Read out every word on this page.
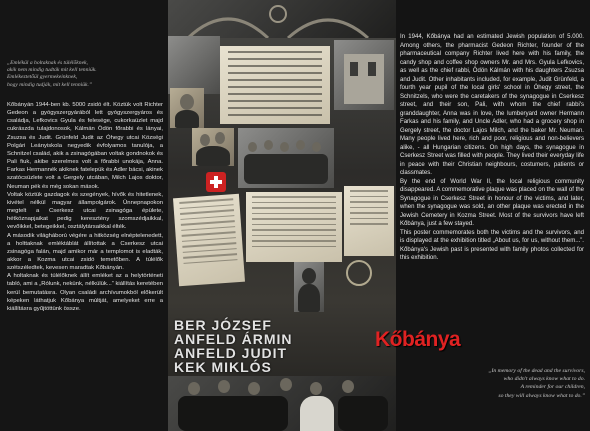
„Emlékül a holtaknak és túlélőknek,
akik nem mindig tudták mit kell tenniük.
Emlékeztetőül gyermekeinknek,
hogy mindig tudják, mit kell tenniük.”

Kőbányán 1944-ben kb. 5000 zsidó élt. Köztük volt Richter Gedeon a gyógyszergyárából lett gyógyszergyáros és családja, Lefkovics Gyula és felesége, cukorkaüzlet majd cukrászda tulajdonosok, Kálmán Ödön főrabbi és lányai, Zsuzsa és Judit. Grünfeld Judit az Óhegy utcai Községi Polgári Leányiskola negyedik évfolyamos tanulója, a Schnitzel család, akik a zsinagógában voltak gondnokok és Pali fiuk, akibe szerelmes volt a főrabbi unokája, Anna. Farkas Hermannék akiknek fatelepük és Adler bácsi, akinek szatócsüzlete volt a Gergely utcában, Milch Lajos doktor, Neuman pék és még sokan mások.

Voltak köztük gazdagok és szegények, hívők és hitetlenek, kivétel nélkül magyar állampolgárok. Ünnepnapokon megtelt a Cserkesz utcai zsinagóga épülete, hétköznapjaikat pedig keresztény szomszédjaikkal, vevőikkel, betegeikkel, osztálytársaikkal élték.

A második világháború végére a hitközség elnéptelenedett, a holttaknak emléktáblát állítottak a Cserkesz utcai zsinagóga falán, majd amikor már a templomot is eladták, akkor a Kozma utcai zsidó temetőben. A túlélők szétszéledtek, kevesen maradtak Kőbányán.

A holtaknak és túlélőknek állít emléket az a helytörténeti tabló, ami a „Rólunk, nekünk, nélkülük...” kiállítás keretében kerül bemutatásra. Olyan családi archívumokból előkerült képeken láthatjuk Kőbánya múltját, amelyeket erre a kiállításra gyűjtöttünk össze.

BER JÓZSEF
ANFELD ÁRMIN
ANFELD JUDIT
KEK MIKLÓS

In 1944, Kőbánya had an estimated Jewish population of 5.000. Among others, the pharmacist Gedeon Richter, founder of the pharmaceutical company Richter lived here with his family, the candy shop and coffee shop owners Mr. and Mrs. Gyula Lefkovics, as well as the chief rabbi, Ödön Kálmán with his daughters Zsuzsa and Judit. Other inhabitants included, for example, Judit Grünfeld, a fourth year pupil of the local girls' school in Óhegy street, the Schnitzels, who were the caretakers of the synagogue in Cserkesz street, and their son, Pali, with whom the chief rabbi's granddaughter, Anna was in love, the lumberyard owner Hermann Farkas and his family, and Uncle Adler, who had a grocery shop in Gergely street, the doctor Lajos Milch, and the baker Mr. Neuman. Many people lived here, rich and poor, religious and non-believers alike, - all Hungarian citizens. On high days, the synagogue in Cserkesz Street was filled with people. They lived their everyday life in peace with their Christian neighbours, costumers, patients or classmates.

By the end of World War II, the local religious community disappeared. A commemorative plaque was placed on the wall of the Synagogue in Cserkesz Street in honour of the victims, and later, when the synagogue was sold, an other plaque was erected in the Jewish Cemetery in Kozma Street. Most of the survivors have left Kőbánya, just a few stayed.

This poster commemorates both the victims and the survivors, and is displayed at the exhibition titled „About us, for us, without them...”. Kőbánya's Jewish past is presented with family photos collected for this exhibition.

Kőbánya
„In memory of the dead and the survivors,
who didn't always know what to do.
A reminder for our children,
so they will always know what to do.”
